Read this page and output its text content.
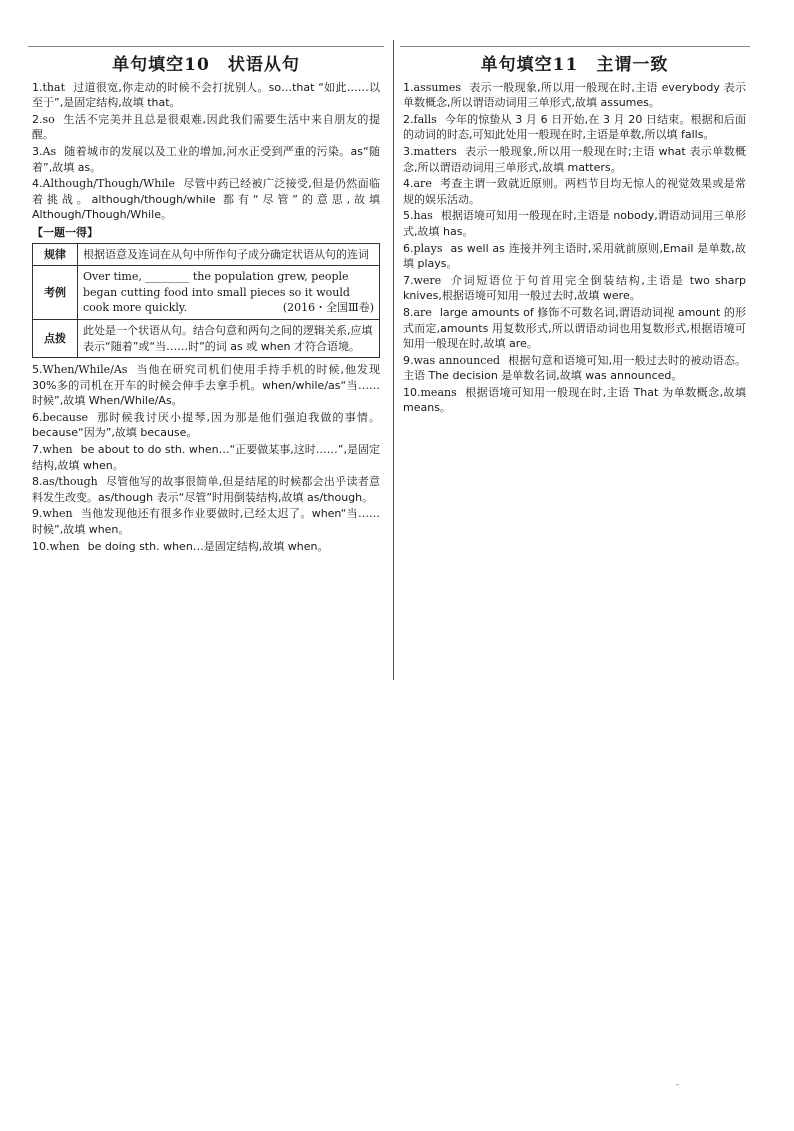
单句填空10　状语从句
1.that 过道很宽,你走动的时候不会打扰别人。so…that “如此……以至于”,是固定结构,故填 that。
2.so 生活不完美并且总是很艰难,因此我们需要生活中来自朋友的提醒。
3.As 随着城市的发展以及工业的增加,河水正受到严重的污染。as“随着”,故填 as。
4.Although/Though/While 尽管中药已经被广泛接受,但是仍然面临着挑战。although/though/while 都有“尽管”的意思,故填 Although/Though/While。
【一题一得】
规律	根据语意及连词在从句中所作句子成分确定状语从句的连词
考例	Over time, ________ the population grew, people began cutting food into small pieces so it would cook more quickly. (2016・全国Ⅲ卷)

点拨	此处是一个状语从句。结合句意和两句之间的逻辑关系,应填表示“随着”或“当……时”的词 as 或 when 才符合语境。
5.When/While/As 当他在研究司机们使用手持手机的时候,他发现 30%多的司机在开车的时候会伸手去拿手机。when/while/as“当……时候”,故填 When/While/As。
6.because 那时候我讨厌小提琴,因为那是他们强迫我做的事情。because“因为”,故填 because。
7.when be about to do sth. when…“正要做某事,这时……”,是固定结构,故填 when。
8.as/though 尽管他写的故事很简单,但是结尾的时候都会出乎读者意料发生改变。as/though 表示“尽管”时用倒装结构,故填 as/though。
9.when 当他发现他还有很多作业要做时,已经太迟了。when“当……时候”,故填 when。
10.when be doing sth. when…是固定结构,故填 when。
单句填空11　主谓一致
1.assumes 表示一般现象,所以用一般现在时,主语 everybody 表示单数概念,所以谓语动词用三单形式,故填 assumes。
2.falls 今年的惊蛰从 3 月 6 日开始,在 3 月 20 日结束。根据和后面的动词的时态,可知此处用一般现在时,主语是单数,所以填 falls。
3.matters 表示一般现象,所以用一般现在时;主语 what 表示单数概念,所以谓语动词用三单形式,故填 matters。
4.are 考查主谓一致就近原则。两档节目均无惊人的视觉效果或是常规的娱乐活动。
5.has 根据语境可知用一般现在时,主语是 nobody,谓语动词用三单形式,故填 has。
6.plays as well as 连接并列主语时,采用就前原则,Email 是单数,故填 plays。
7.were 介词短语位于句首用完全倒装结构,主语是 two sharp knives,根据语境可知用一般过去时,故填 were。
8.are large amounts of 修饰不可数名词,谓语动词视 amount 的形式而定,amounts 用复数形式,所以谓语动词也用复数形式,根据语境可知用一般现在时,故填 are。
9.was announced 根据句意和语境可知,用一般过去时的被动语态。主语 The decision 是单数名词,故填 was announced。
10.means 根据语境可知用一般现在时,主语 That 为单数概念,故填 means。
-
